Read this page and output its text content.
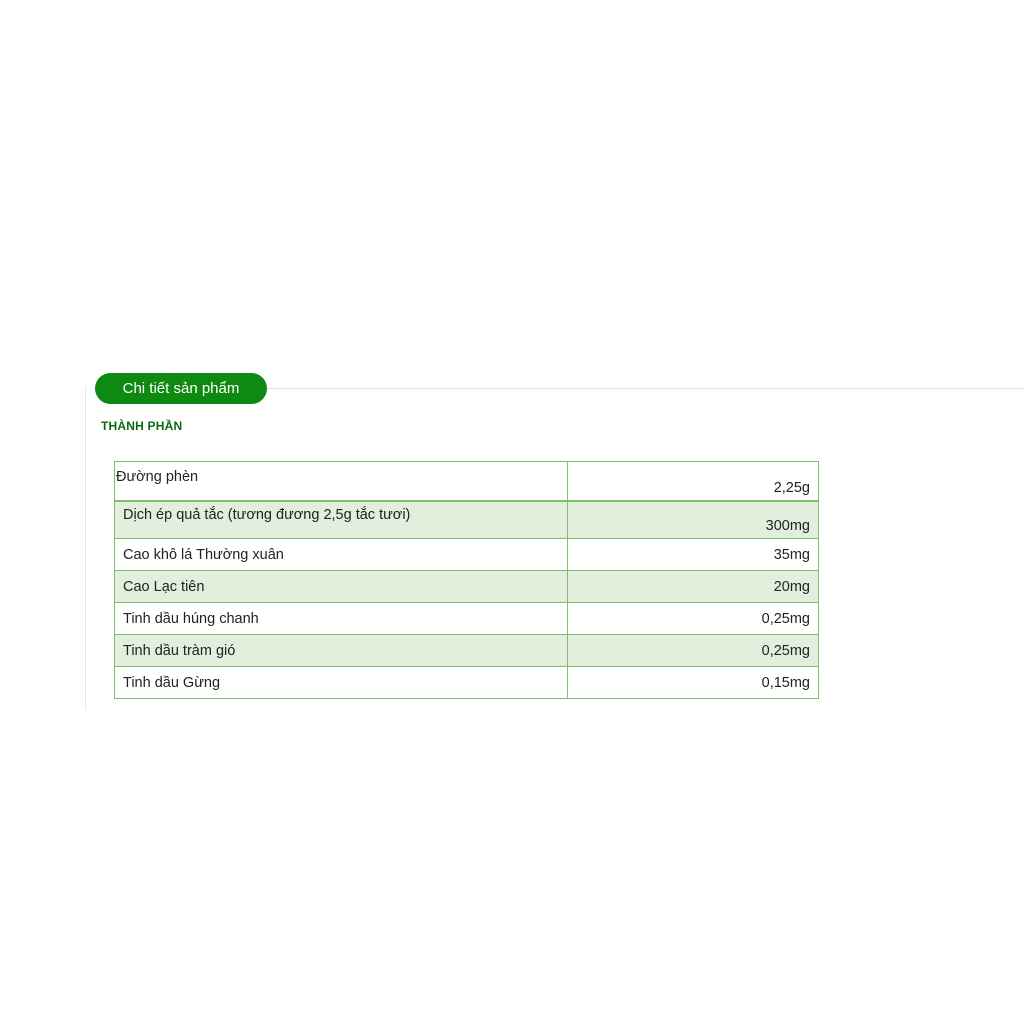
Chi tiết sản phẩm
THÀNH PHẦN
Đường phèn	2,25g
Dịch ép quả tắc (tương đương 2,5g tắc tươi)	300mg
Cao khô lá Thường xuân	35mg
Cao Lạc tiên	20mg
Tinh dầu húng chanh	0,25mg
Tinh dầu tràm gió	0,25mg
Tinh dầu Gừng	0,15mg
